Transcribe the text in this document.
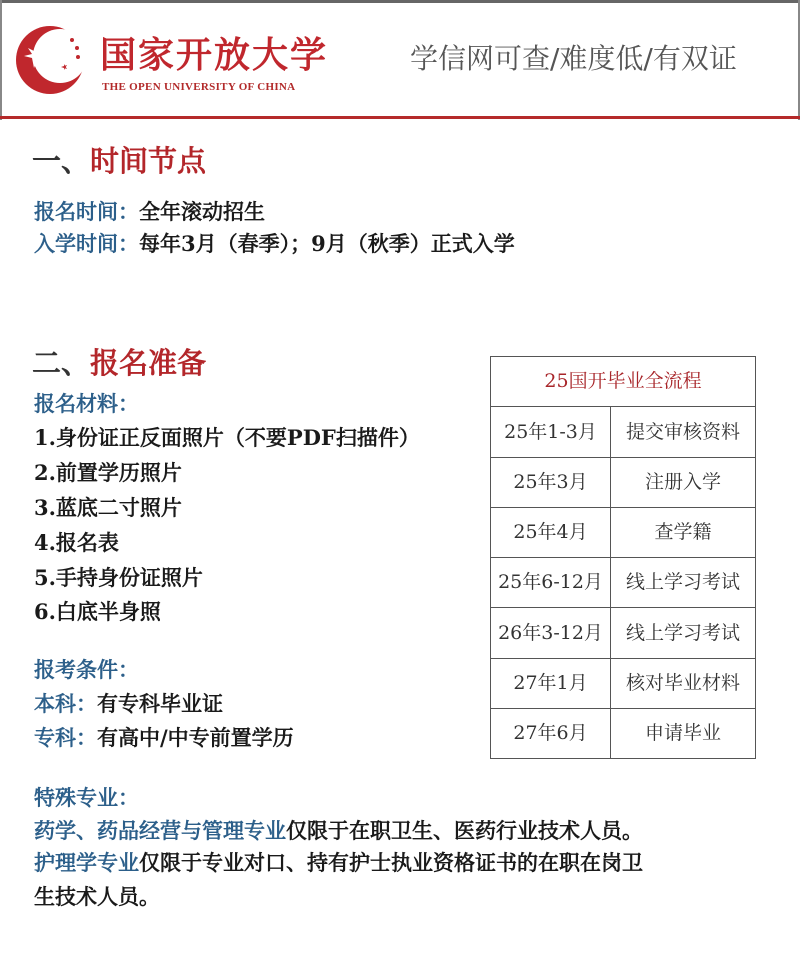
国家开放大学
THE OPEN UNIVERSITY OF CHINA
学信网可查/难度低/有双证
一、时间节点
报名时间：全年滚动招生
入学时间：每年3月（春季）；9月（秋季）正式入学
二、报名准备
报名材料：
1.身份证正反面照片（不要PDF扫描件）
2.前置学历照片
3.蓝底二寸照片
4.报名表
5.手持身份证照片
6.白底半身照
报考条件：
本科：有专科毕业证
专科：有高中/中专前置学历
特殊专业：
药学、药品经营与管理专业仅限于在职卫生、医药行业技术人员。
护理学专业仅限于专业对口、持有护士执业资格证书的在职在岗卫
生技术人员。
25国开毕业全流程	
25年1-3月	提交审核资料
25年3月	注册入学
25年4月	查学籍
25年6-12月	线上学习考试
26年3-12月	线上学习考试
27年1月	核对毕业材料
27年6月	申请毕业
